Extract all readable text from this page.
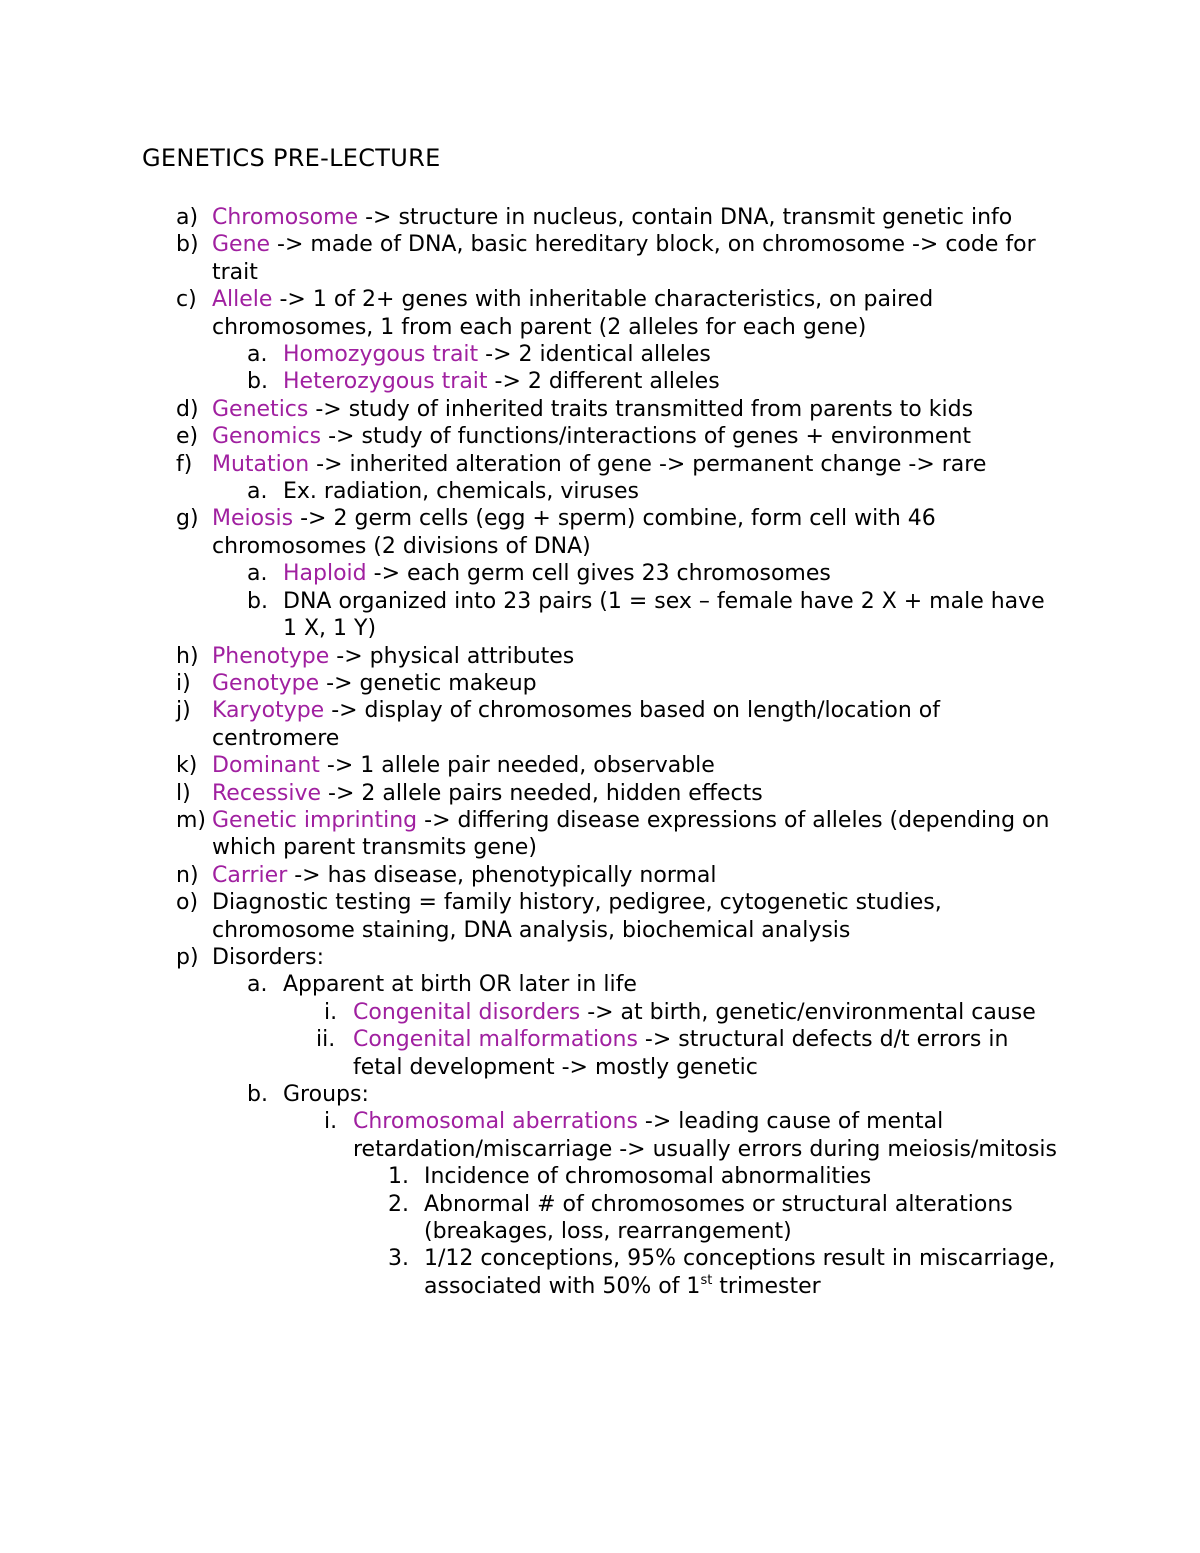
GENETICS PRE-LECTURE
a) Chromosome -> structure in nucleus, contain DNA, transmit genetic info
b) Gene -> made of DNA, basic hereditary block, on chromosome -> code for trait
c) Allele -> 1 of 2+ genes with inheritable characteristics, on paired chromosomes, 1 from each parent (2 alleles for each gene)
a. Homozygous trait -> 2 identical alleles
b. Heterozygous trait -> 2 different alleles
d) Genetics -> study of inherited traits transmitted from parents to kids
e) Genomics -> study of functions/interactions of genes + environment
f) Mutation -> inherited alteration of gene -> permanent change -> rare
a. Ex. radiation, chemicals, viruses
g) Meiosis -> 2 germ cells (egg + sperm) combine, form cell with 46 chromosomes (2 divisions of DNA)
a. Haploid -> each germ cell gives 23 chromosomes
b. DNA organized into 23 pairs (1 = sex – female have 2 X + male have 1 X, 1 Y)
h) Phenotype -> physical attributes
i) Genotype -> genetic makeup
j) Karyotype -> display of chromosomes based on length/location of centromere
k) Dominant -> 1 allele pair needed, observable
l) Recessive -> 2 allele pairs needed, hidden effects
m) Genetic imprinting -> differing disease expressions of alleles (depending on which parent transmits gene)
n) Carrier -> has disease, phenotypically normal
o) Diagnostic testing = family history, pedigree, cytogenetic studies, chromosome staining, DNA analysis, biochemical analysis
p) Disorders:
a. Apparent at birth OR later in life
i. Congenital disorders -> at birth, genetic/environmental cause
ii. Congenital malformations -> structural defects d/t errors in fetal development -> mostly genetic
b. Groups:
i. Chromosomal aberrations -> leading cause of mental retardation/miscarriage -> usually errors during meiosis/mitosis
1. Incidence of chromosomal abnormalities
2. Abnormal # of chromosomes or structural alterations (breakages, loss, rearrangement)
3. 1/12 conceptions, 95% conceptions result in miscarriage, associated with 50% of 1st trimester
